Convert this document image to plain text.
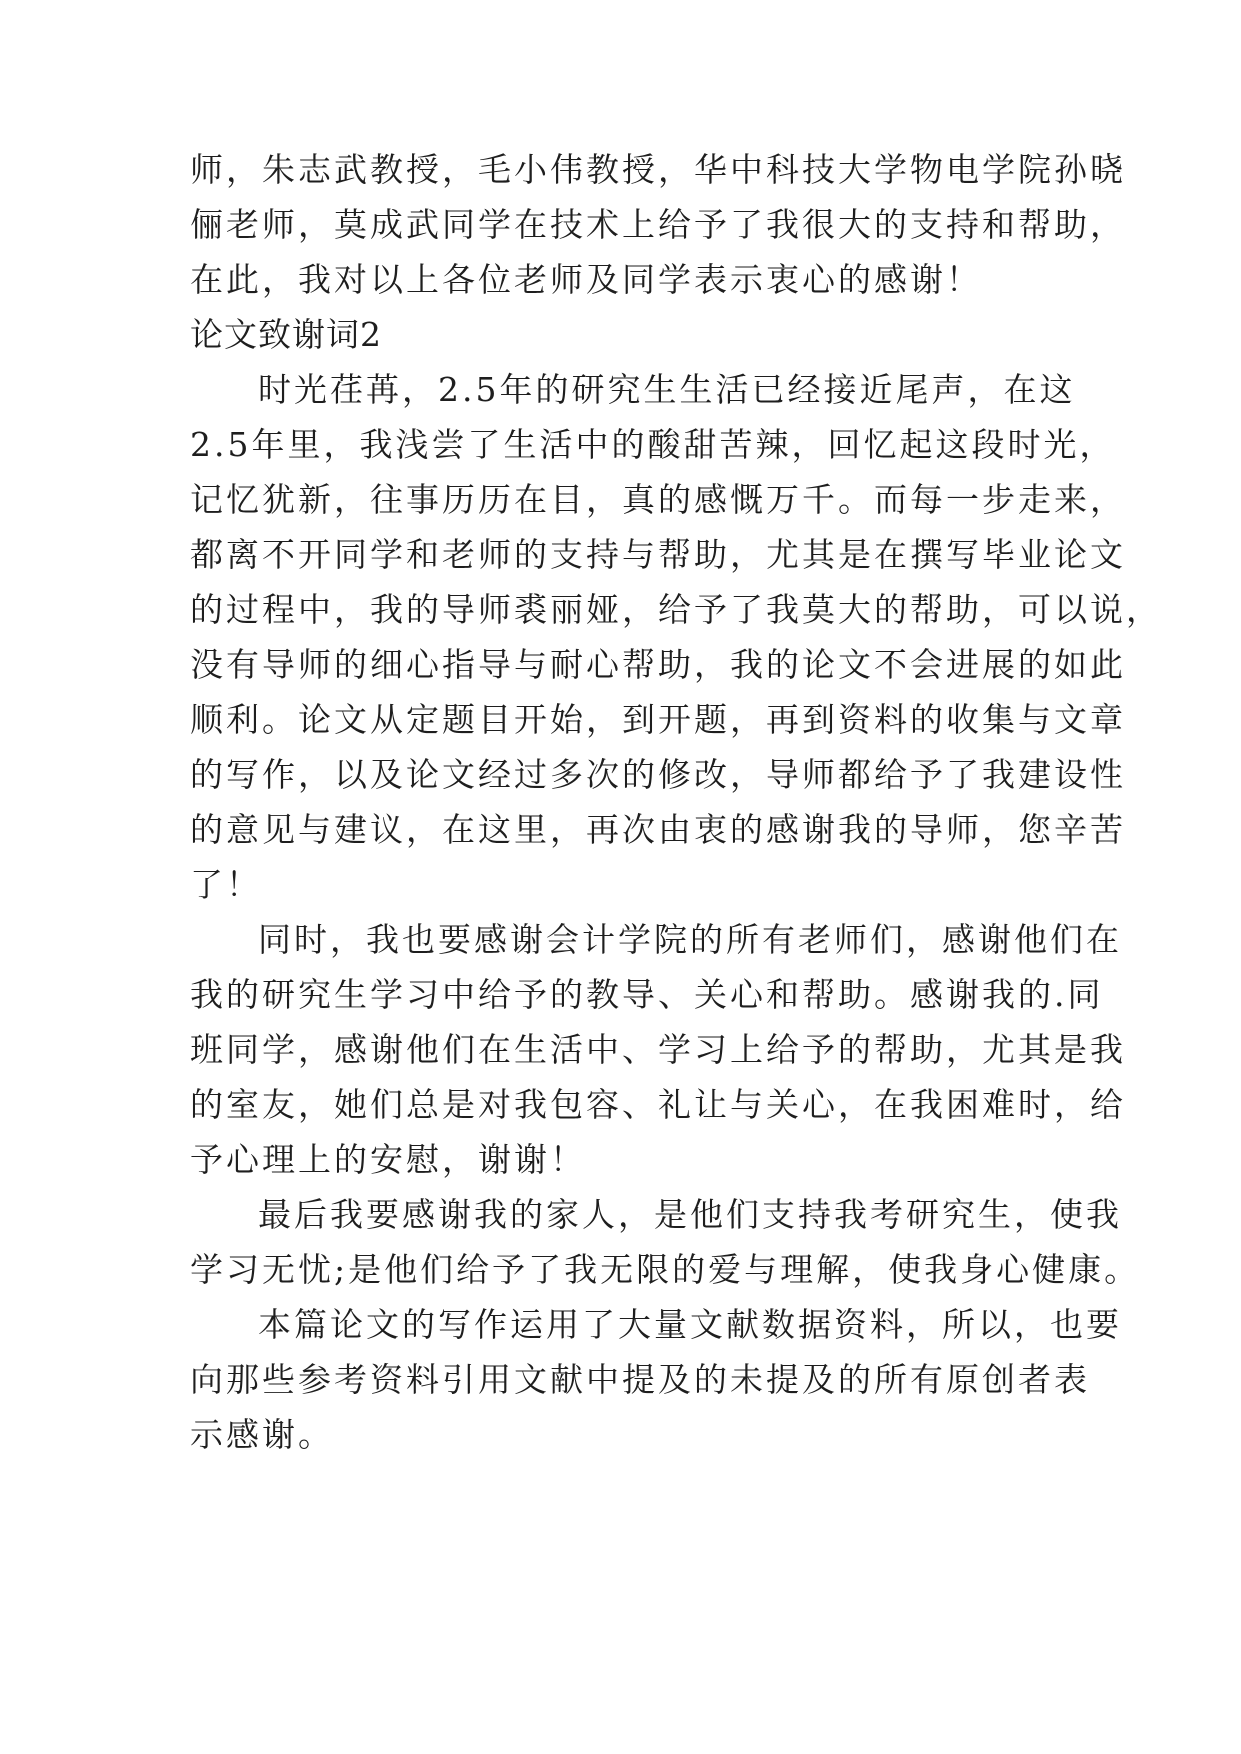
师，朱志武教授，毛小伟教授，华中科技大学物电学院孙晓
俪老师，莫成武同学在技术上给予了我很大的支持和帮助，
在此，我对以上各位老师及同学表示衷心的感谢！
论文致谢词2
时光荏苒，2.5年的研究生生活已经接近尾声，在这
2.5年里，我浅尝了生活中的酸甜苦辣，回忆起这段时光，
记忆犹新，往事历历在目，真的感慨万千。而每一步走来，
都离不开同学和老师的支持与帮助，尤其是在撰写毕业论文
的过程中，我的导师裘丽娅，给予了我莫大的帮助，可以说，
没有导师的细心指导与耐心帮助，我的论文不会进展的如此
顺利。论文从定题目开始，到开题，再到资料的收集与文章
的写作，以及论文经过多次的修改，导师都给予了我建设性
的意见与建议，在这里，再次由衷的感谢我的导师，您辛苦
了！
同时，我也要感谢会计学院的所有老师们，感谢他们在
我的研究生学习中给予的教导、关心和帮助。感谢我的.同
班同学，感谢他们在生活中、学习上给予的帮助，尤其是我
的室友，她们总是对我包容、礼让与关心，在我困难时，给
予心理上的安慰，谢谢！
最后我要感谢我的家人，是他们支持我考研究生，使我
学习无忧;是他们给予了我无限的爱与理解，使我身心健康。
本篇论文的写作运用了大量文献数据资料，所以，也要
向那些参考资料引用文献中提及的未提及的所有原创者表
示感谢。
